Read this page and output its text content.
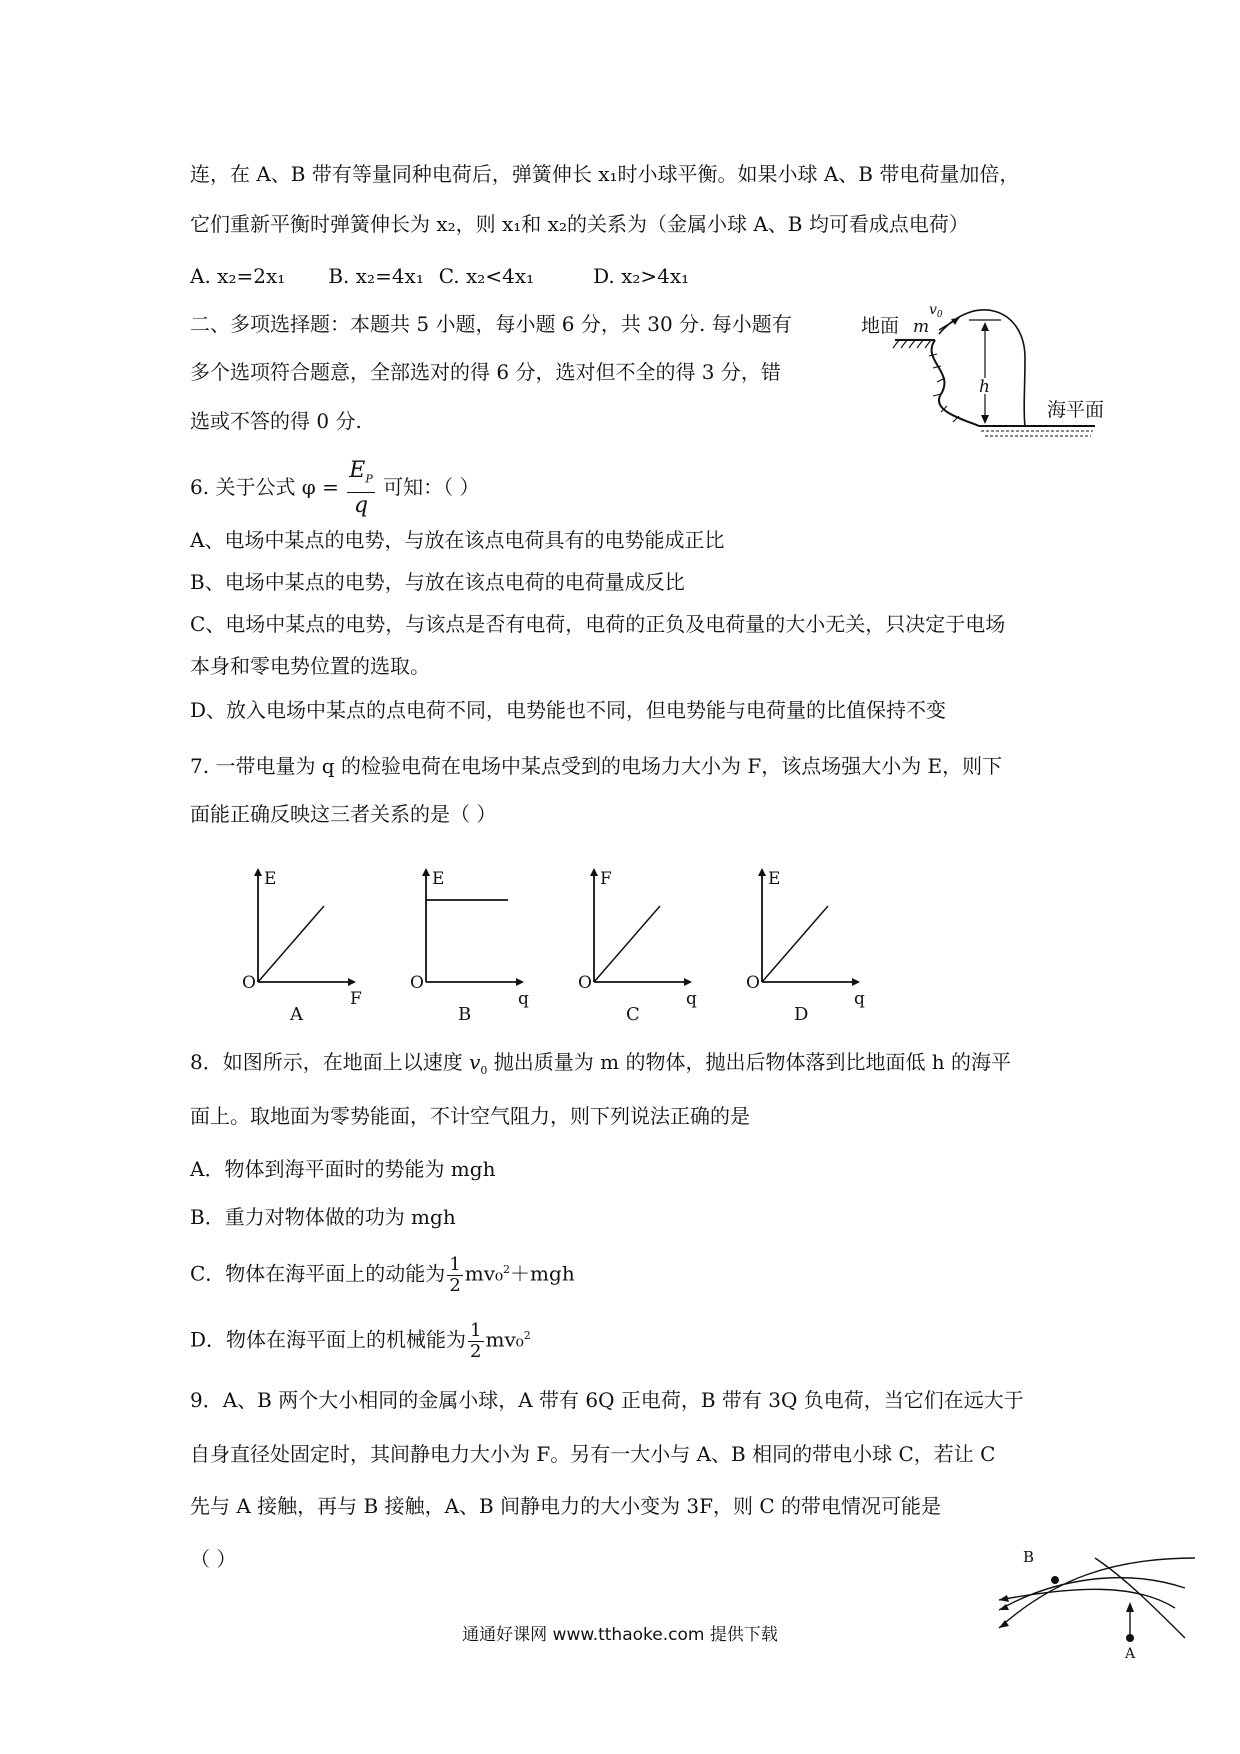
连，在 A、B 带有等量同种电荷后，弹簧伸长 x₁时小球平衡。如果小球 A、B 带电荷量加倍，

它们重新平衡时弹簧伸长为 x₂，则 x₁和 x₂的关系为（金属小球 A、B 均可看成点电荷）

A. x₂=2x₁ B. x₂=4x₁ C. x₂<4x₁	D. x₂>4x₁

二、多项选择题：本题共 5 小题，每小题 6 分，共 30 分. 每小题有

多个选项符合题意，全部选对的得 6 分，选对但不全的得 3 分，错

选或不答的得 0 分.

地面 m
$v_0$
h
海平面

6. 关于公式 $\varphi = \frac{E_P}{q}$ 可知：（ ）

A、电场中某点的电势，与放在该点电荷具有的电势能成正比

B、电场中某点的电势，与放在该点电荷的电荷量成反比

C、电场中某点的电势，与该点是否有电荷，电荷的正负及电荷量的大小无关，只决定于电场

本身和零电势位置的选取。

D、放入电场中某点的点电荷不同，电势能也不同，但电势能与电荷量的比值保持不变

7. 一带电量为 q 的检验电荷在电场中某点受到的电场力大小为 F，该点场强大小为 E，则下

面能正确反映这三者关系的是（ ）

E
F
O
A
E
q
O
B
F
q
O
C
E
q
O
D

8．如图所示，在地面上以速度 $v_0$ 抛出质量为 m 的物体，抛出后物体落到比地面低 h 的海平

面上。取地面为零势能面，不计空气阻力，则下列说法正确的是

A．物体到海平面时的势能为 mgh

B．重力对物体做的功为 mgh

C．物体在海平面上的动能为 $\frac{1}{2} mv_0^2+mgh$

D．物体在海平面上的机械能为 $\frac{1}{2} mv_0^2$

9．A、B 两个大小相同的金属小球，A 带有 6Q 正电荷，B 带有 3Q 负电荷，当它们在远大于

自身直径处固定时，其间静电力大小为 F。另有一大小与 A、B 相同的带电小球 C，若让 C

先与 A 接触，再与 B 接触，A、B 间静电力的大小变为 3F，则 C 的带电情况可能是

（ ）	B
A
通通好课网 www.tthaoke.com 提供下载
